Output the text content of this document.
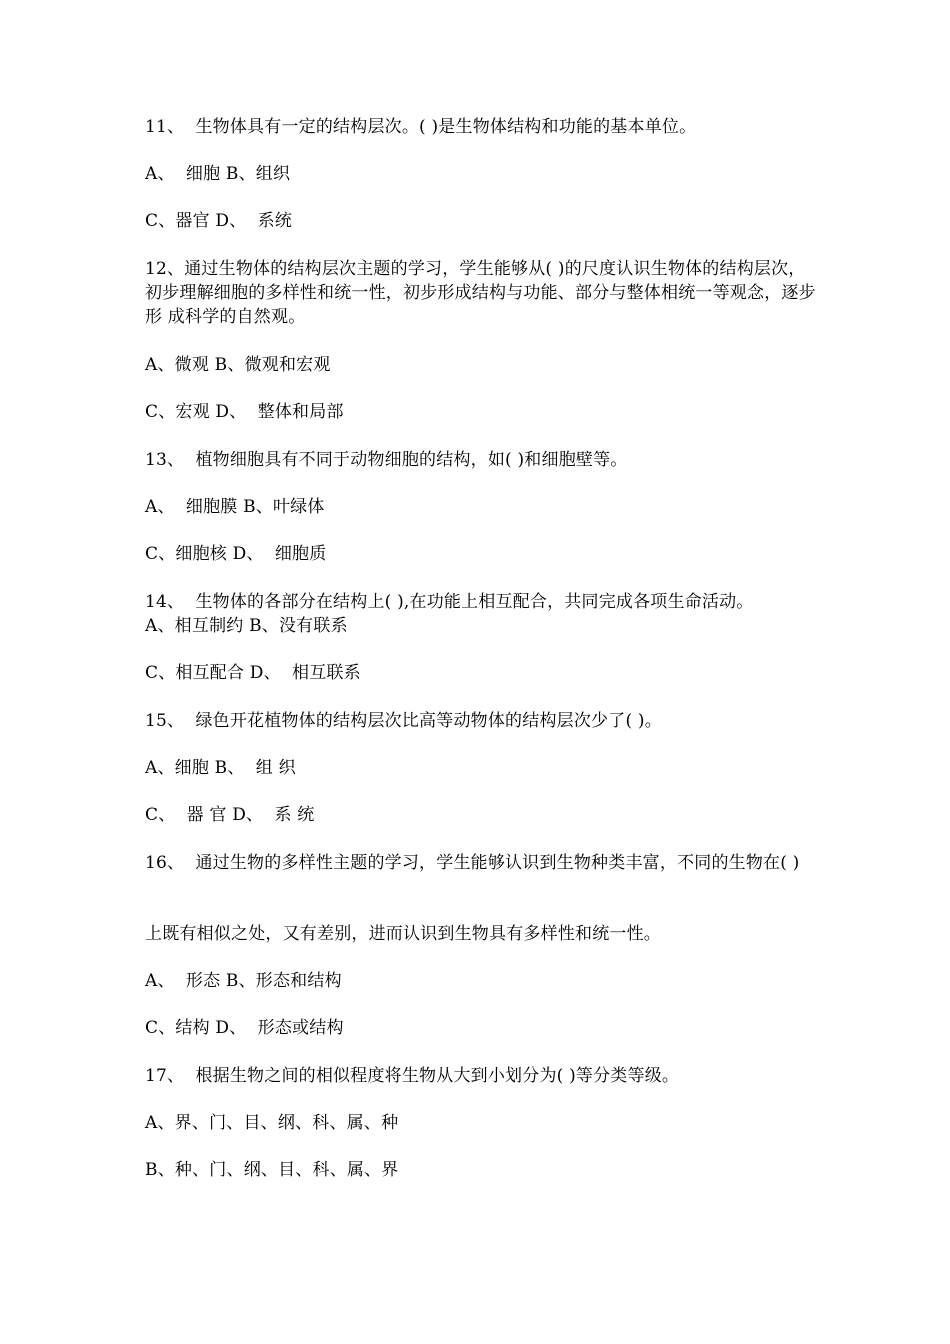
11、  生物体具有一定的结构层次。( )是生物体结构和功能的基本单位。
A、  细胞 B、组织
C、器官 D、  系统
12、通过生物体的结构层次主题的学习，学生能够从( )的尺度认识生物体的结构层次，  初步理解细胞的多样性和统一性，初步形成结构与功能、部分与整体相统一等观念，逐步形 成科学的自然观。
A、微观 B、微观和宏观
C、宏观 D、  整体和局部
13、  植物细胞具有不同于动物细胞的结构，如( )和细胞壁等。
A、  细胞膜 B、叶绿体
C、细胞核 D、  细胞质
14、  生物体的各部分在结构上( ),在功能上相互配合，共同完成各项生命活动。
A、相互制约 B、没有联系
C、相互配合 D、  相互联系
15、  绿色开花植物体的结构层次比高等动物体的结构层次少了( )。
A、细胞 B、  组 织
C、  器 官 D、  系 统
16、  通过生物的多样性主题的学习，学生能够认识到生物种类丰富，不同的生物在( )
上既有相似之处，又有差别，进而认识到生物具有多样性和统一性。
A、  形态 B、形态和结构
C、结构 D、  形态或结构
17、  根据生物之间的相似程度将生物从大到小划分为( )等分类等级。
A、界、门、目、纲、科、属、种
B、种、门、纲、目、科、属、界
